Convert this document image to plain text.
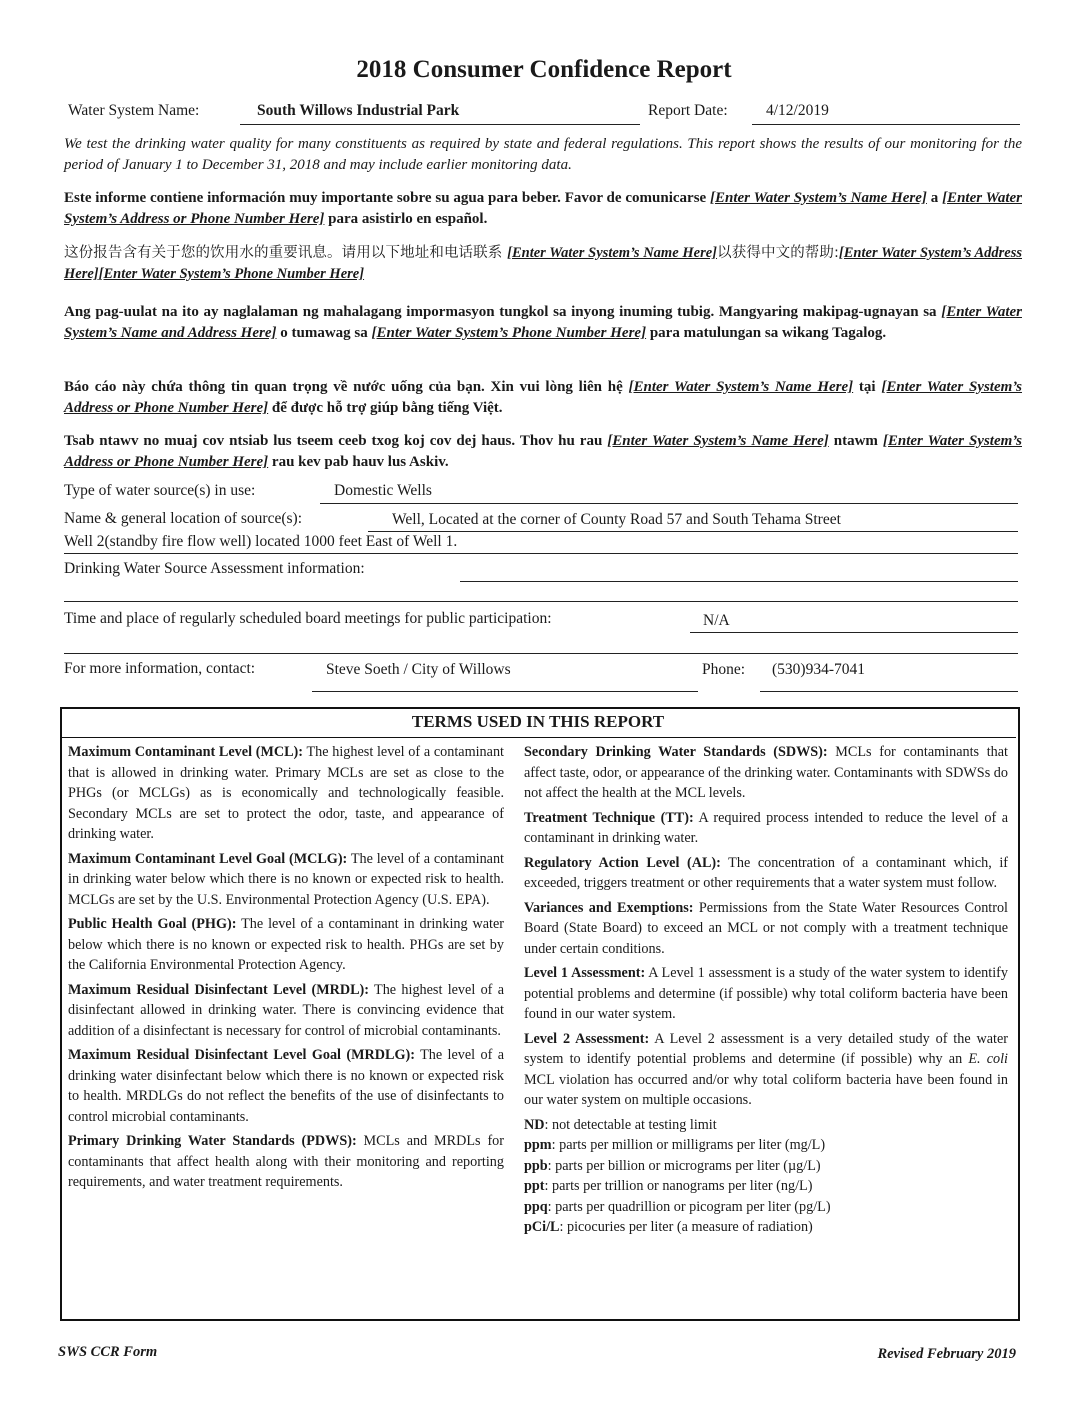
2018 Consumer Confidence Report
Water System Name:	South Willows Industrial Park	Report Date: 4/12/2019
We test the drinking water quality for many constituents as required by state and federal regulations. This report shows the results of our monitoring for the period of January 1 to December 31, 2018 and may include earlier monitoring data.
Este informe contiene información muy importante sobre su agua para beber. Favor de comunicarse [Enter Water System’s Name Here] a [Enter Water System’s Address or Phone Number Here] para asistirlo en español.
这份报告含有关于您的饮用水的重要讯息。请用以下地址和电话联系 [Enter Water System’s Name Here]以获得中文的帮助:[Enter Water System’s Address Here][Enter Water System’s Phone Number Here]
Ang pag-uulat na ito ay naglalaman ng mahalagang impormasyon tungkol sa inyong inuming tubig. Mangyaring makipag-ugnayan sa [Enter Water System’s Name and Address Here] o tumawag sa [Enter Water System’s Phone Number Here] para matulungan sa wikang Tagalog.
Báo cáo này chứa thông tin quan trọng về nước uống của bạn. Xin vui lòng liên hệ [Enter Water System’s Name Here] tại [Enter Water System’s Address or Phone Number Here] để được hỗ trợ giúp bằng tiếng Việt.
Tsab ntawv no muaj cov ntsiab lus tseem ceeb txog koj cov dej haus. Thov hu rau [Enter Water System’s Name Here] ntawm [Enter Water System’s Address or Phone Number Here] rau kev pab hauv lus Askiv.
Type of water source(s) in use:	Domestic Wells
Name & general location of source(s):	Well, Located at the corner of County Road 57 and South Tehama Street
Well 2(standby fire flow well) located 1000 feet East of Well 1.
Drinking Water Source Assessment information:
Time and place of regularly scheduled board meetings for public participation:	N/A
For more information, contact:	Steve Soeth / City of Willows	Phone: (530)934-7041
TERMS USED IN THIS REPORT

Maximum Contaminant Level (MCL): The highest level of a contaminant that is allowed in drinking water. Primary MCLs are set as close to the PHGs (or MCLGs) as is economically and technologically feasible. Secondary MCLs are set to protect the odor, taste, and appearance of drinking water.

Maximum Contaminant Level Goal (MCLG): The level of a contaminant in drinking water below which there is no known or expected risk to health. MCLGs are set by the U.S. Environmental Protection Agency (U.S. EPA).

Public Health Goal (PHG): The level of a contaminant in drinking water below which there is no known or expected risk to health. PHGs are set by the California Environmental Protection Agency.

Maximum Residual Disinfectant Level (MRDL): The highest level of a disinfectant allowed in drinking water. There is convincing evidence that addition of a disinfectant is necessary for control of microbial contaminants.

Maximum Residual Disinfectant Level Goal (MRDLG): The level of a drinking water disinfectant below which there is no known or expected risk to health. MRDLGs do not reflect the benefits of the use of disinfectants to control microbial contaminants.

Primary Drinking Water Standards (PDWS): MCLs and MRDLs for contaminants that affect health along with their monitoring and reporting requirements, and water treatment requirements.

Secondary Drinking Water Standards (SDWS): MCLs for contaminants that affect taste, odor, or appearance of the drinking water. Contaminants with SDWSs do not affect the health at the MCL levels.

Treatment Technique (TT): A required process intended to reduce the level of a contaminant in drinking water.

Regulatory Action Level (AL): The concentration of a contaminant which, if exceeded, triggers treatment or other requirements that a water system must follow.

Variances and Exemptions: Permissions from the State Water Resources Control Board (State Board) to exceed an MCL or not comply with a treatment technique under certain conditions.

Level 1 Assessment: A Level 1 assessment is a study of the water system to identify potential problems and determine (if possible) why total coliform bacteria have been found in our water system.

Level 2 Assessment: A Level 2 assessment is a very detailed study of the water system to identify potential problems and determine (if possible) why an E. coli MCL violation has occurred and/or why total coliform bacteria have been found in our water system on multiple occasions.

ND: not detectable at testing limit
ppm: parts per million or milligrams per liter (mg/L)
ppb: parts per billion or micrograms per liter (µg/L)
ppt: parts per trillion or nanograms per liter (ng/L)
ppq: parts per quadrillion or picogram per liter (pg/L)
pCi/L: picocuries per liter (a measure of radiation)
SWS CCR Form	Revised February 2019
